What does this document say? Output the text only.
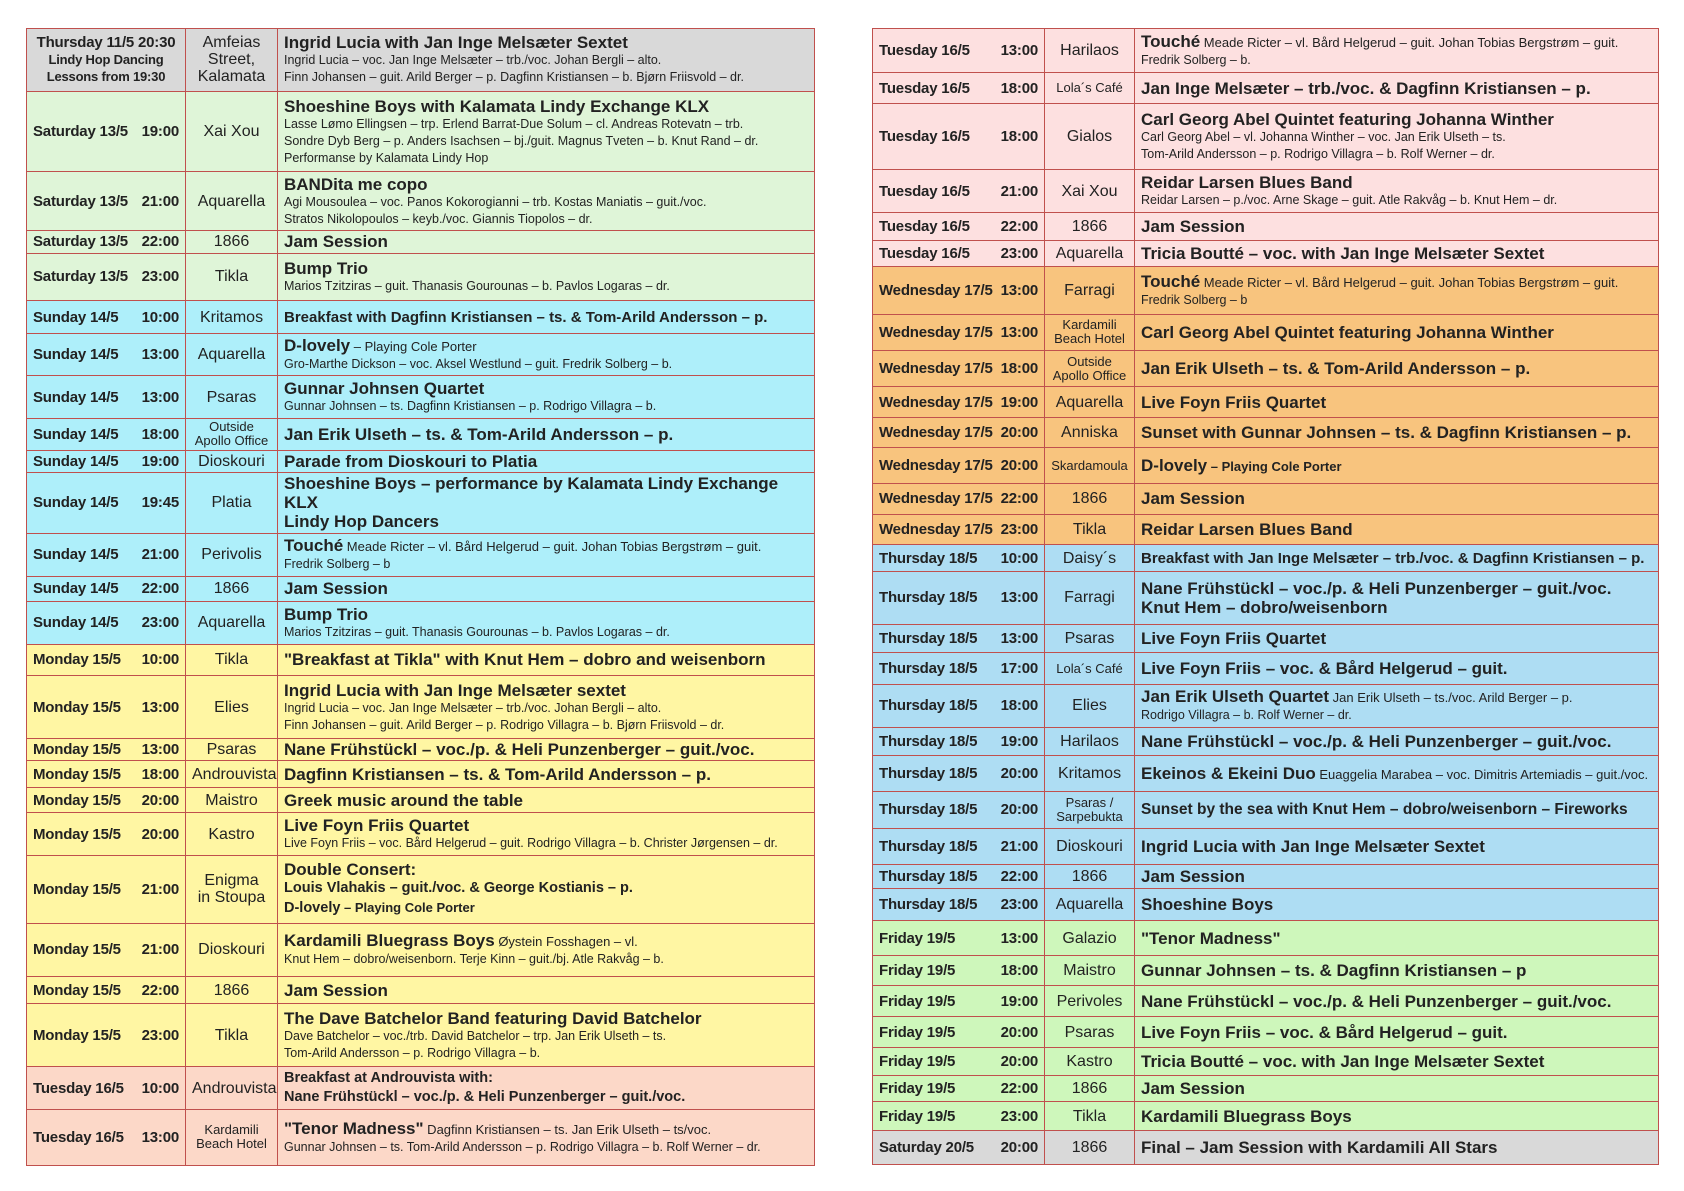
Thursday 11/5 20:30
Lindy Hop Dancing
Lessons from 19:30	Amfeias
Street,
Kalamata	Ingrid Lucia with Jan Inge Melsæter Sextet
Ingrid Lucia – voc. Jan Inge Melsæter – trb./voc. Johan Bergli – alto.
Finn Johansen – guit. Arild Berger – p. Dagfinn Kristiansen – b. Bjørn Friisvold – dr.

Saturday 13/5 19:00	Xai Xou	Shoeshine Boys with Kalamata Lindy Exchange KLX
Lasse Lømo Ellingsen – trp. Erlend Barrat-Due Solum – cl. Andreas Rotevatn – trb.
Sondre Dyb Berg – p. Anders Isachsen – bj./guit. Magnus Tveten – b. Knut Rand – dr.
Performanse by Kalamata Lindy Hop

Saturday 13/5 21:00	Aquarella	BANDita me copo
Agi Mousoulea – voc. Panos Kokorogianni – trb. Kostas Maniatis – guit./voc.
Stratos Nikolopoulos – keyb./voc. Giannis Tiopolos – dr.

Saturday 13/5 22:00	1866	Jam Session

Saturday 13/5 23:00	Tikla	Bump Trio
Marios Tzitziras – guit. Thanasis Gourounas – b. Pavlos Logaras – dr.

Sunday 14/5 10:00	Kritamos	Breakfast with Dagfinn Kristiansen – ts. & Tom-Arild Andersson – p.

Sunday 14/5 13:00	Aquarella	D-lovely – Playing Cole Porter
Gro-Marthe Dickson – voc. Aksel Westlund – guit. Fredrik Solberg – b.

Sunday 14/5 13:00	Psaras	Gunnar Johnsen Quartet
Gunnar Johnsen – ts. Dagfinn Kristiansen – p. Rodrigo Villagra – b.

Sunday 14/5 18:00	Outside
Apollo Office	Jan Erik Ulseth – ts. & Tom-Arild Andersson – p.

Sunday 14/5 19:00	Dioskouri	Parade from Dioskouri to Platia

Sunday 14/5 19:45	Platia	Shoeshine Boys – performance by Kalamata Lindy Exchange KLX
Lindy Hop Dancers

Sunday 14/5 21:00	Perivolis	Touché Meade Ricter – vl. Bård Helgerud – guit. Johan Tobias Bergstrøm – guit.
Fredrik Solberg – b

Sunday 14/5 22:00	1866	Jam Session

Sunday 14/5 23:00	Aquarella	Bump Trio
Marios Tzitziras – guit. Thanasis Gourounas – b. Pavlos Logaras – dr.

Monday 15/5 10:00	Tikla	"Breakfast at Tikla" with Knut Hem – dobro and weisenborn

Monday 15/5 13:00	Elies	Ingrid Lucia with Jan Inge Melsæter sextet
Ingrid Lucia – voc. Jan Inge Melsæter – trb./voc. Johan Bergli – alto.
Finn Johansen – guit. Arild Berger – p. Rodrigo Villagra – b. Bjørn Friisvold – dr.

Monday 15/5 13:00	Psaras	Nane Frühstückl – voc./p. & Heli Punzenberger – guit./voc.

Monday 15/5 18:00	Androuvista	Dagfinn Kristiansen – ts. & Tom-Arild Andersson – p.

Monday 15/5 20:00	Maistro	Greek music around the table

Monday 15/5 20:00	Kastro	Live Foyn Friis Quartet
Live Foyn Friis – voc. Bård Helgerud – guit. Rodrigo Villagra – b. Christer Jørgensen – dr.

Monday 15/5 21:00	Enigma
in Stoupa	Double Consert:
Louis Vlahakis – guit./voc. & George Kostianis – p.
D-lovely – Playing Cole Porter

Monday 15/5 21:00	Dioskouri	Kardamili Bluegrass Boys Øystein Fosshagen – vl.
Knut Hem – dobro/weisenborn. Terje Kinn – guit./bj. Atle Rakvåg – b.

Monday 15/5 22:00	1866	Jam Session

Monday 15/5 23:00	Tikla	The Dave Batchelor Band featuring David Batchelor
Dave Batchelor – voc./trb. David Batchelor – trp. Jan Erik Ulseth – ts.
Tom-Arild Andersson – p. Rodrigo Villagra – b.

Tuesday 16/5 10:00	Androuvista	Breakfast at Androuvista with:
Nane Frühstückl – voc./p. & Heli Punzenberger – guit./voc.

Tuesday 16/5 13:00	Kardamili
Beach Hotel	"Tenor Madness" Dagfinn Kristiansen – ts. Jan Erik Ulseth – ts/voc.
Gunnar Johnsen – ts. Tom-Arild Andersson – p. Rodrigo Villagra – b. Rolf Werner – dr.
Tuesday 16/5 13:00	Harilaos	Touché Meade Ricter – vl. Bård Helgerud – guit. Johan Tobias Bergstrøm – guit.
Fredrik Solberg – b.

Tuesday 16/5 18:00	Lola´s Café	Jan Inge Melsæter – trb./voc. & Dagfinn Kristiansen – p.

Tuesday 16/5 18:00	Gialos	Carl Georg Abel Quintet featuring Johanna Winther
Carl Georg Abel – vl. Johanna Winther – voc. Jan Erik Ulseth – ts.
Tom-Arild Andersson – p. Rodrigo Villagra – b. Rolf Werner – dr.

Tuesday 16/5 21:00	Xai Xou	Reidar Larsen Blues Band
Reidar Larsen – p./voc. Arne Skage – guit. Atle Rakvåg – b. Knut Hem – dr.

Tuesday 16/5 22:00	1866	Jam Session

Tuesday 16/5 23:00	Aquarella	Tricia Boutté – voc. with Jan Inge Melsæter Sextet

Wednesday 17/5 13:00	Farragi	Touché Meade Ricter – vl. Bård Helgerud – guit. Johan Tobias Bergstrøm – guit.
Fredrik Solberg – b

Wednesday 17/5 13:00	Kardamili
Beach Hotel	Carl Georg Abel Quintet featuring Johanna Winther

Wednesday 17/5 18:00	Outside
Apollo Office	Jan Erik Ulseth – ts. & Tom-Arild Andersson – p.

Wednesday 17/5 19:00	Aquarella	Live Foyn Friis Quartet

Wednesday 17/5 20:00	Anniska	Sunset with Gunnar Johnsen – ts. & Dagfinn Kristiansen – p.

Wednesday 17/5 20:00	Skardamoula	D-lovely – Playing Cole Porter

Wednesday 17/5 22:00	1866	Jam Session

Wednesday 17/5 23:00	Tikla	Reidar Larsen Blues Band

Thursday 18/5 10:00	Daisy´s	Breakfast with Jan Inge Melsæter – trb./voc. & Dagfinn Kristiansen – p.

Thursday 18/5 13:00	Farragi	Nane Frühstückl – voc./p. & Heli Punzenberger – guit./voc.
Knut Hem – dobro/weisenborn

Thursday 18/5 13:00	Psaras	Live Foyn Friis Quartet

Thursday 18/5 17:00	Lola´s Café	Live Foyn Friis – voc. & Bård Helgerud – guit.

Thursday 18/5 18:00	Elies	Jan Erik Ulseth Quartet Jan Erik Ulseth – ts./voc. Arild Berger – p.
Rodrigo Villagra – b. Rolf Werner – dr.

Thursday 18/5 19:00	Harilaos	Nane Frühstückl – voc./p. & Heli Punzenberger – guit./voc.

Thursday 18/5 20:00	Kritamos	Ekeinos & Ekeini Duo Euaggelia Marabea – voc. Dimitris Artemiadis – guit./voc.

Thursday 18/5 20:00	Psaras /
Sarpebukta	Sunset by the sea with Knut Hem – dobro/weisenborn – Fireworks

Thursday 18/5 21:00	Dioskouri	Ingrid Lucia with Jan Inge Melsæter Sextet

Thursday 18/5 22:00	1866	Jam Session

Thursday 18/5 23:00	Aquarella	Shoeshine Boys

Friday 19/5 13:00	Galazio	"Tenor Madness"

Friday 19/5 18:00	Maistro	Gunnar Johnsen – ts. & Dagfinn Kristiansen – p

Friday 19/5 19:00	Perivoles	Nane Frühstückl – voc./p. & Heli Punzenberger – guit./voc.

Friday 19/5 20:00	Psaras	Live Foyn Friis – voc. & Bård Helgerud – guit.

Friday 19/5 20:00	Kastro	Tricia Boutté – voc. with Jan Inge Melsæter Sextet

Friday 19/5 22:00	1866	Jam Session

Friday 19/5 23:00	Tikla	Kardamili Bluegrass Boys

Saturday 20/5 20:00	1866	Final – Jam Session with Kardamili All Stars
